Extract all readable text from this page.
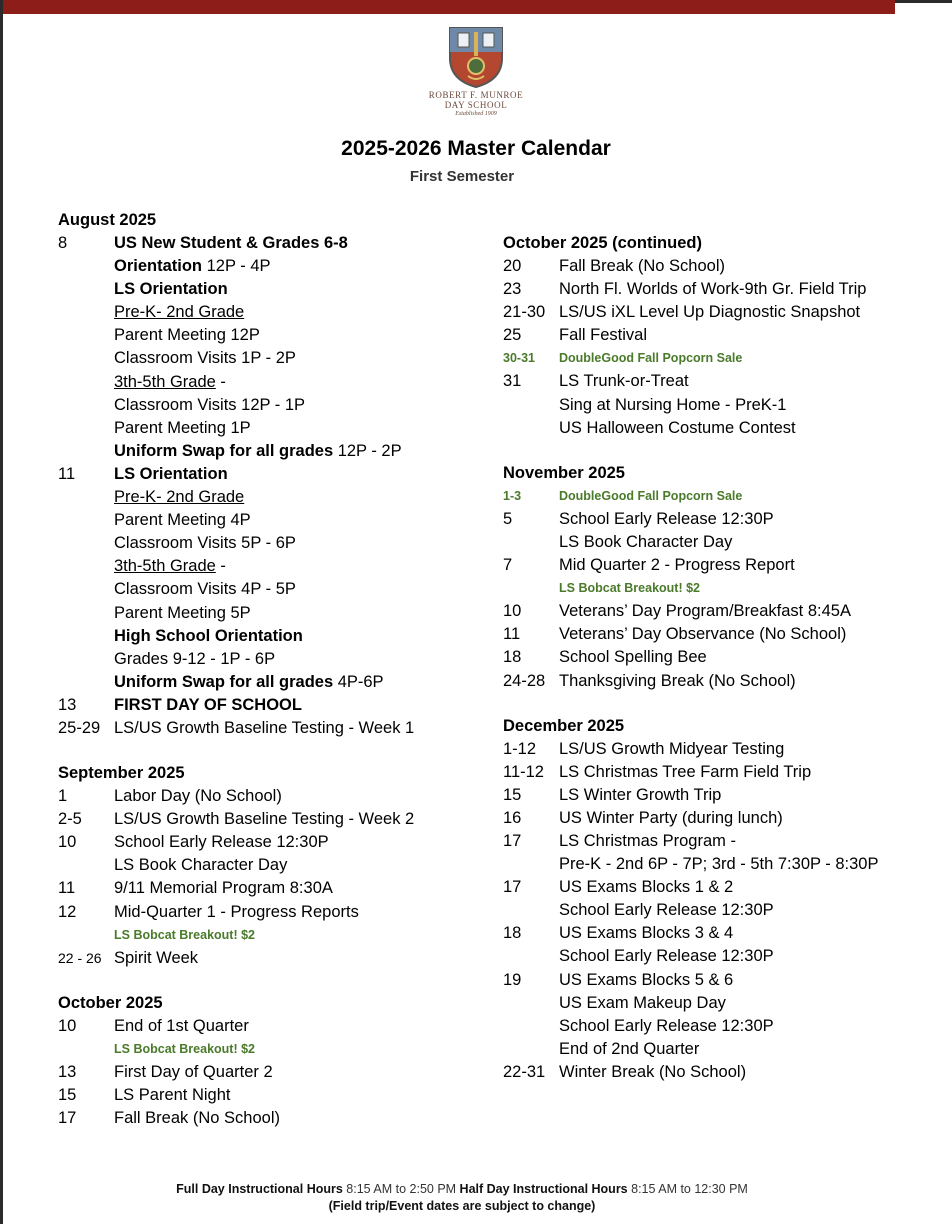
ROBERT F. MUNROE
DAY SCHOOL
Established 1909
2025-2026 Master Calendar
First Semester
August 2025
8	US New Student & Grades 6-8
Orientation 12P - 4P
LS Orientation
Pre-K- 2nd Grade
Parent Meeting 12P
Classroom Visits 1P - 2P
3th-5th Grade -
Classroom Visits 12P - 1P
Parent Meeting 1P
Uniform Swap for all grades 12P - 2P
11	LS Orientation
Pre-K- 2nd Grade
Parent Meeting 4P
Classroom Visits 5P - 6P
3th-5th Grade -
Classroom Visits 4P - 5P
Parent Meeting 5P
High School Orientation
Grades 9-12 - 1P - 6P
Uniform Swap for all grades 4P-6P
13	FIRST DAY OF SCHOOL
25-29 LS/US Growth Baseline Testing - Week 1
September 2025
1	Labor Day (No School)
2-5	LS/US Growth Baseline Testing - Week 2
10	School Early Release 12:30P
LS Book Character Day
11	9/11 Memorial Program 8:30A
12	Mid-Quarter 1 - Progress Reports
LS Bobcat Breakout! $2
22 - 26 Spirit Week
October 2025
10	End of 1st Quarter
LS Bobcat Breakout! $2
13	First Day of Quarter 2
15	LS Parent Night
17	Fall Break (No School)
October 2025 (continued)
20	Fall Break (No School)
23	North Fl. Worlds of Work-9th Gr. Field Trip
21-30 LS/US iXL Level Up Diagnostic Snapshot
25	Fall Festival
30-31	DoubleGood Fall Popcorn Sale
31	LS Trunk-or-Treat
Sing at Nursing Home - PreK-1
US Halloween Costume Contest
November 2025
1-3	DoubleGood Fall Popcorn Sale
5	School Early Release 12:30P
LS Book Character Day
7	Mid Quarter 2 - Progress Report
LS Bobcat Breakout! $2
10	Veterans’ Day Program/Breakfast 8:45A
11	Veterans’ Day Observance (No School)
18	School Spelling Bee
24-28 Thanksgiving Break (No School)
December 2025
1-12	LS/US Growth Midyear Testing
11-12 LS Christmas Tree Farm Field Trip
15	LS Winter Growth Trip
16	US Winter Party (during lunch)
17	LS Christmas Program -
Pre-K - 2nd 6P - 7P; 3rd - 5th 7:30P - 8:30P
17	US Exams Blocks 1 & 2
School Early Release 12:30P
18	US Exams Blocks 3 & 4
School Early Release 12:30P
19	US Exams Blocks 5 & 6
US Exam Makeup Day
School Early Release 12:30P
End of 2nd Quarter
22-31 Winter Break (No School)
Full Day Instructional Hours 8:15 AM to 2:50 PM Half Day Instructional Hours 8:15 AM to 12:30 PM
(Field trip/Event dates are subject to change)
